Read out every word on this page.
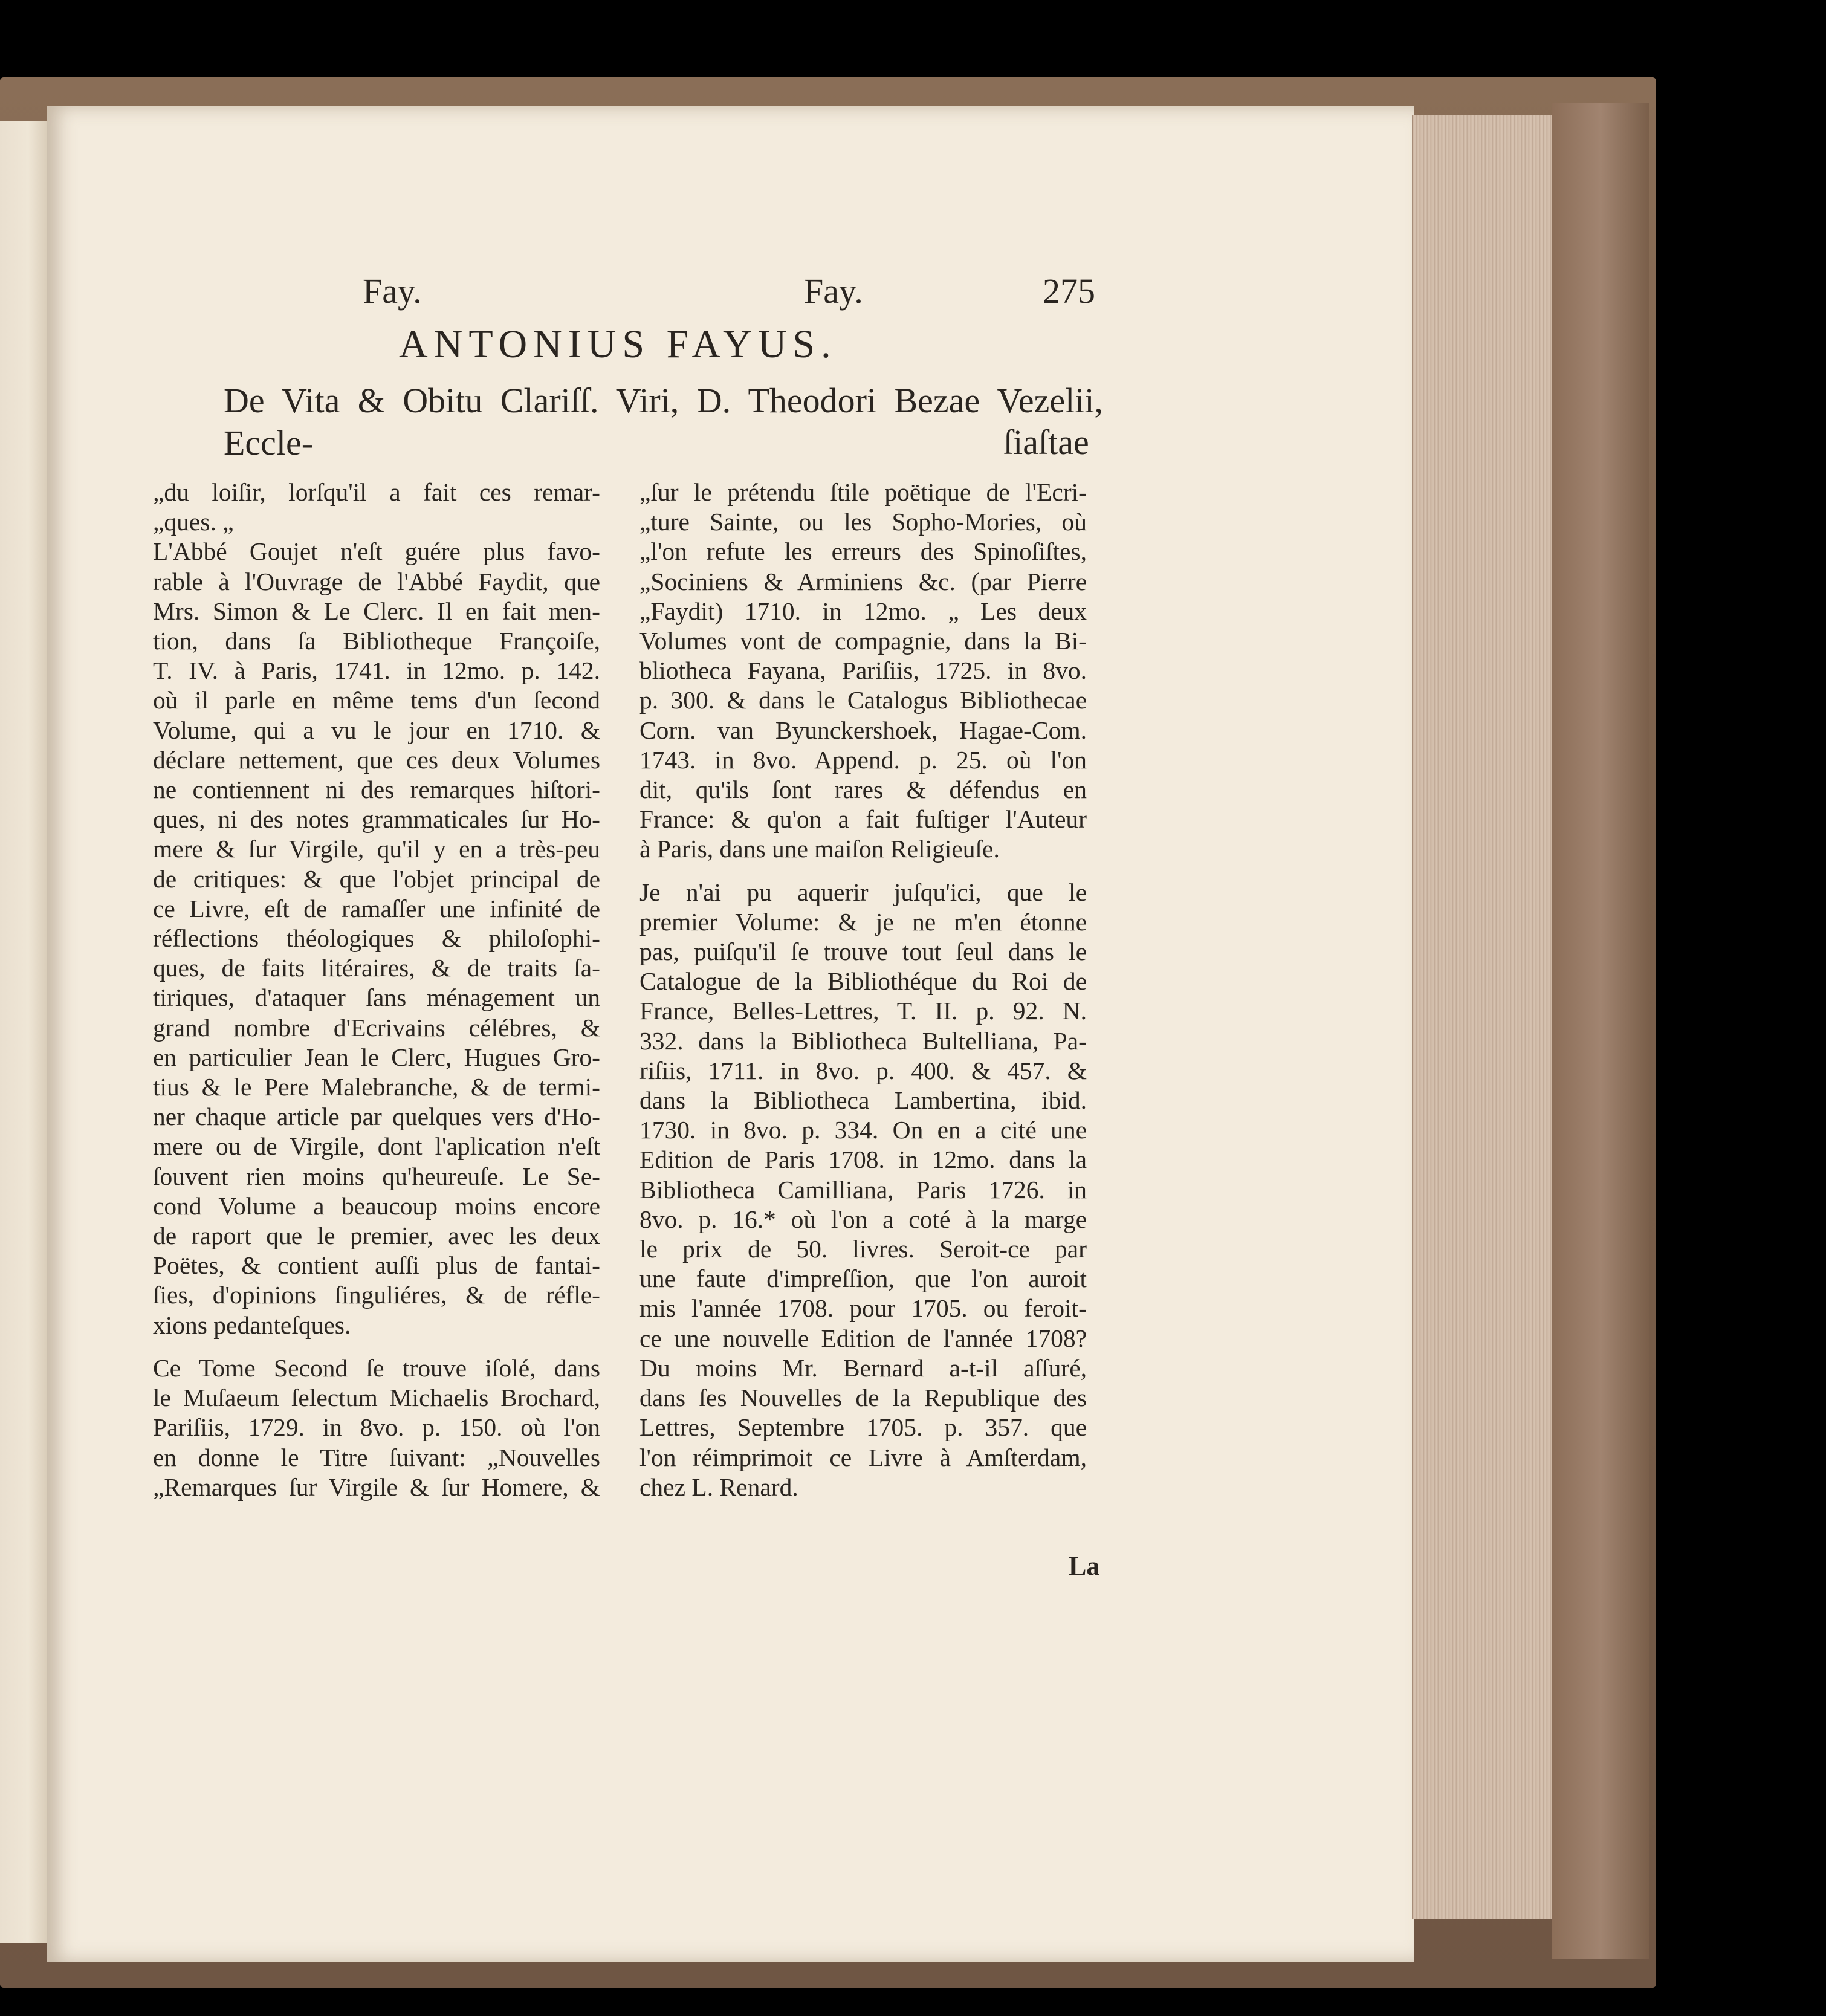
Fay.	Fay.	275
ANTONIUS FAYUS.
De Vita & Obitu Clariſſ. Viri, D. Theodori Bezae Vezelii, Eccle-	ſiaſtae
„du loiſir, lorſqu'il a fait ces remar-
„ques. „
L'Abbé Goujet n'eſt guére plus favo-
rable à l'Ouvrage de l'Abbé Faydit, que
Mrs. Simon & Le Clerc. Il en fait men-
tion, dans ſa Bibliotheque Françoiſe,
T. IV. à Paris, 1741. in 12mo. p. 142.
où il parle en même tems d'un ſecond
Volume, qui a vu le jour en 1710. &
déclare nettement, que ces deux Volumes
ne contiennent ni des remarques hiſtori-
ques, ni des notes grammaticales ſur Ho-
mere & ſur Virgile, qu'il y en a très-peu
de critiques: & que l'objet principal de
ce Livre, eſt de ramaſſer une infinité de
réflections théologiques & philoſophi-
ques, de faits litéraires, & de traits ſa-
tiriques, d'ataquer ſans ménagement un
grand nombre d'Ecrivains célébres, &
en particulier Jean le Clerc, Hugues Gro-
tius & le Pere Malebranche, & de termi-
ner chaque article par quelques vers d'Ho-
mere ou de Virgile, dont l'aplication n'eſt
ſouvent rien moins qu'heureuſe. Le Se-
cond Volume a beaucoup moins encore
de raport que le premier, avec les deux
Poëtes, & contient auſſi plus de fantai-
ſies, d'opinions ſinguliéres, & de réfle-
xions pedanteſques.
Ce Tome Second ſe trouve iſolé, dans
le Muſaeum ſelectum Michaelis Brochard,
Pariſiis, 1729. in 8vo. p. 150. où l'on
en donne le Titre ſuivant: „Nouvelles
„Remarques ſur Virgile & ſur Homere, &
„ſur le prétendu ſtile poëtique de l'Ecri-
„ture Sainte, ou les Sopho-Mories, où
„l'on refute les erreurs des Spinoſiſtes,
„Sociniens & Arminiens &c. (par Pierre
„Faydit) 1710. in 12mo. „ Les deux
Volumes vont de compagnie, dans la Bi-
bliotheca Fayana, Pariſiis, 1725. in 8vo.
p. 300. & dans le Catalogus Bibliothecae
Corn. van Byunckershoek, Hagae-Com.
1743. in 8vo. Append. p. 25. où l'on
dit, qu'ils ſont rares & défendus en
France: & qu'on a fait fuſtiger l'Auteur
à Paris, dans une maiſon Religieuſe.
Je n'ai pu aquerir juſqu'ici, que le
premier Volume: & je ne m'en étonne
pas, puiſqu'il ſe trouve tout ſeul dans le
Catalogue de la Bibliothéque du Roi de
France, Belles-Lettres, T. II. p. 92. N.
332. dans la Bibliotheca Bultelliana, Pa-
riſiis, 1711. in 8vo. p. 400. & 457. &
dans la Bibliotheca Lambertina, ibid.
1730. in 8vo. p. 334. On en a cité une
Edition de Paris 1708. in 12mo. dans la
Bibliotheca Camilliana, Paris 1726. in
8vo. p. 16.* où l'on a coté à la marge
le prix de 50. livres. Seroit-ce par
une faute d'impreſſion, que l'on auroit
mis l'année 1708. pour 1705. ou feroit-
ce une nouvelle Edition de l'année 1708?
Du moins Mr. Bernard a-t-il aſſuré,
dans ſes Nouvelles de la Republique des
Lettres, Septembre 1705. p. 357. que
l'on réimprimoit ce Livre à Amſterdam,
chez L. Renard.
La
